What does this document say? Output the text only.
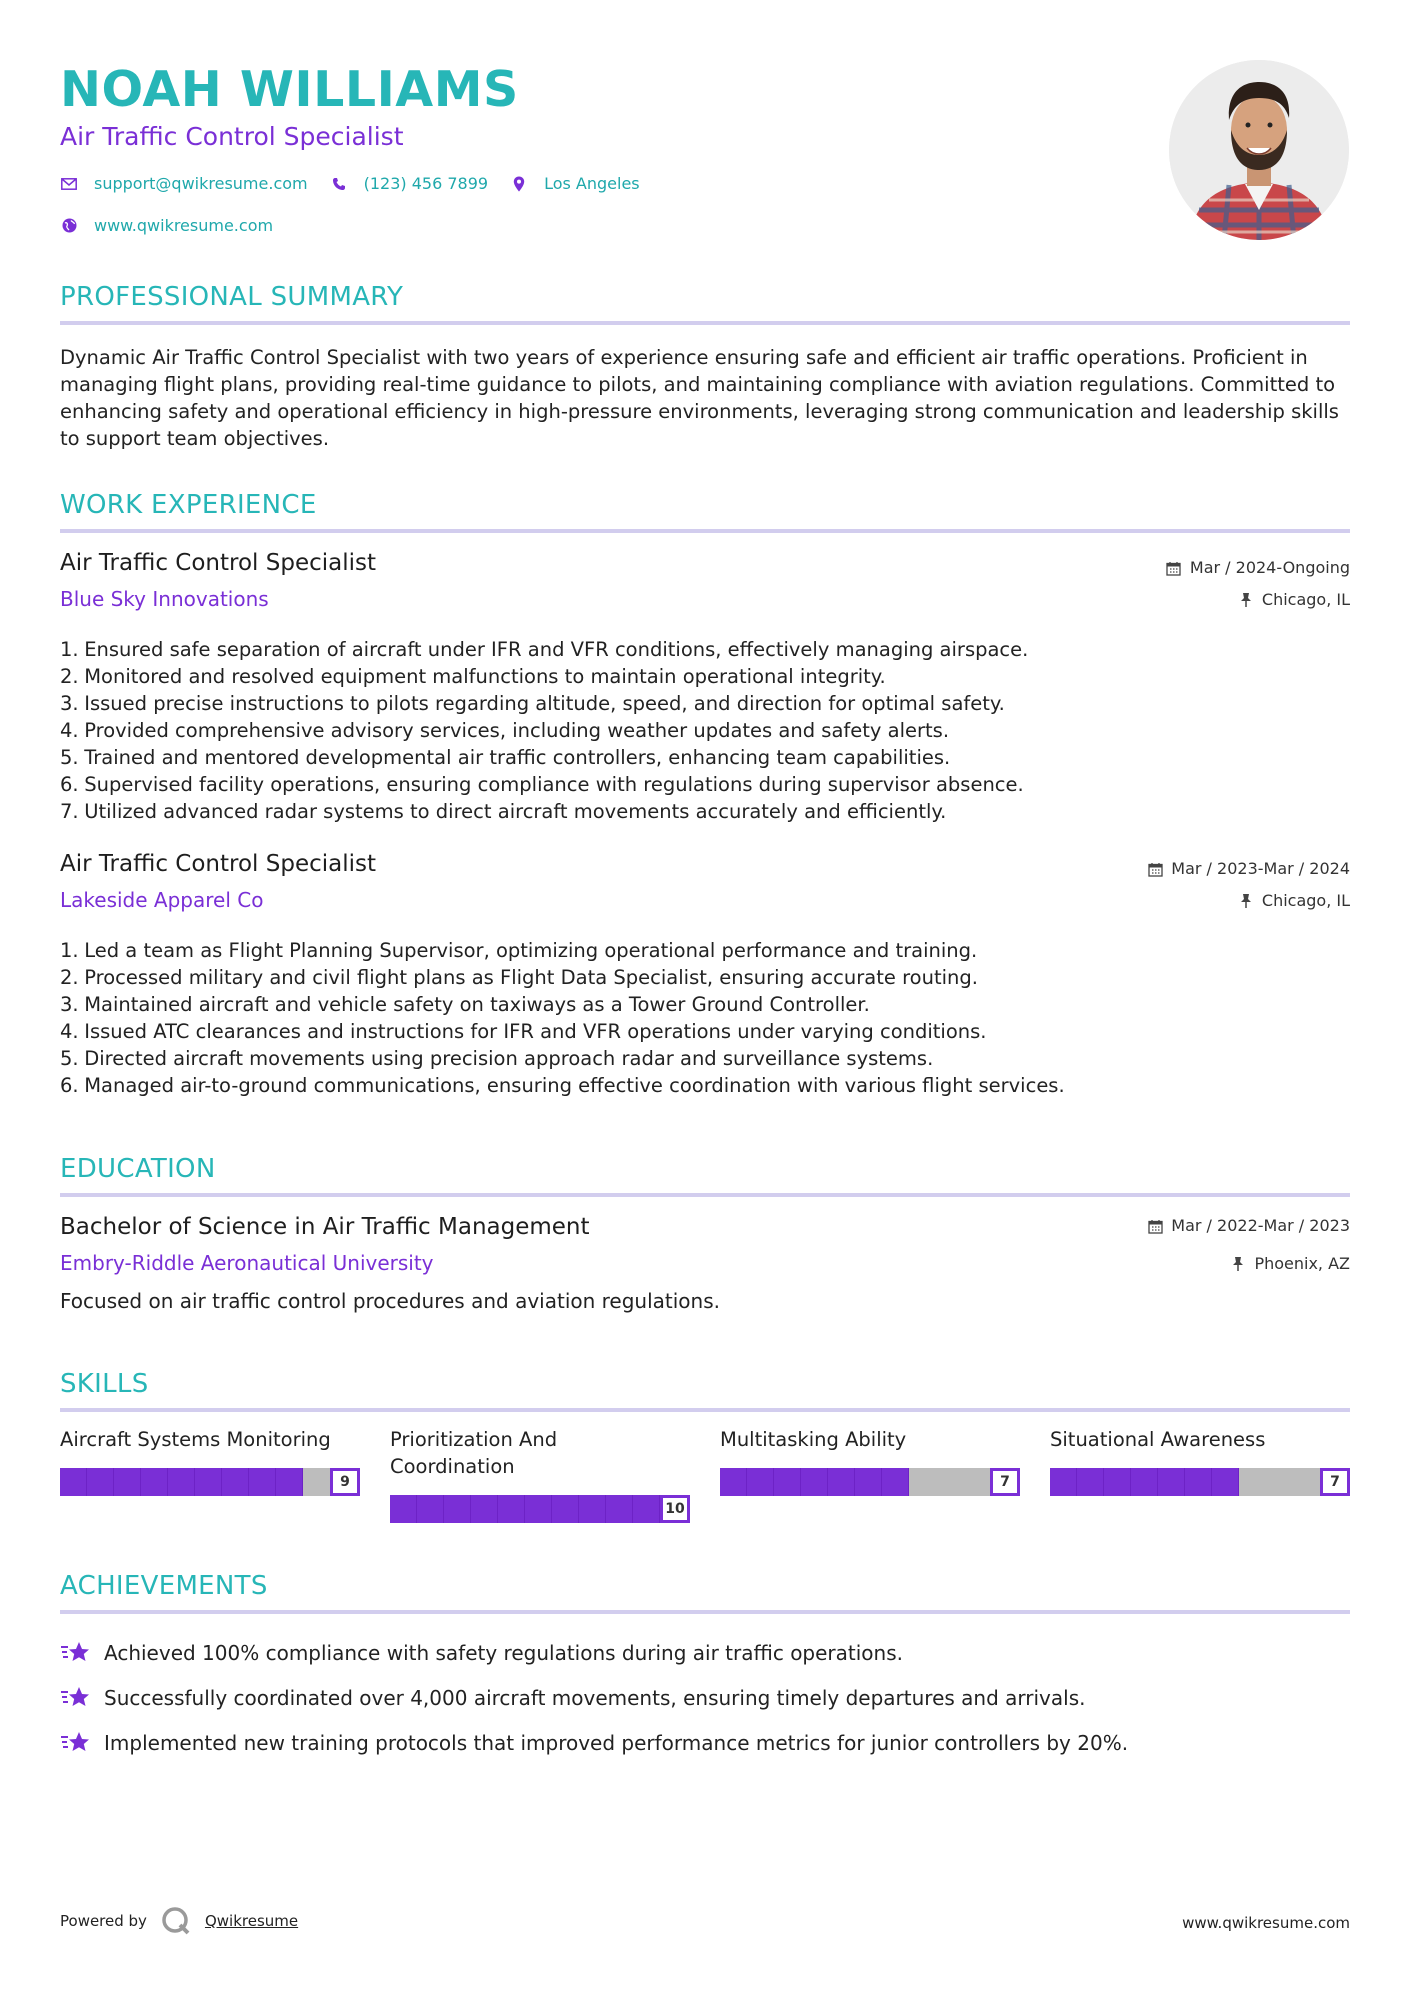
NOAH WILLIAMS
Air Traffic Control Specialist
support@qwikresume.com	(123) 456 7899	Los Angeles
www.qwikresume.com
PROFESSIONAL SUMMARY
Dynamic Air Traffic Control Specialist with two years of experience ensuring safe and efficient air traffic operations. Proficient in managing flight plans, providing real-time guidance to pilots, and maintaining compliance with aviation regulations. Committed to enhancing safety and operational efficiency in high-pressure environments, leveraging strong communication and leadership skills to support team objectives.
WORK EXPERIENCE
Air Traffic Control Specialist
Blue Sky Innovations
Mar / 2024-Ongoing
Chicago, IL
1.
Ensured safe separation of aircraft under IFR and VFR conditions, effectively managing airspace.
2.
Monitored and resolved equipment malfunctions to maintain operational integrity.
3.
Issued precise instructions to pilots regarding altitude, speed, and direction for optimal safety.
4.
Provided comprehensive advisory services, including weather updates and safety alerts.
5.
Trained and mentored developmental air traffic controllers, enhancing team capabilities.
6.
Supervised facility operations, ensuring compliance with regulations during supervisor absence.
7.
Utilized advanced radar systems to direct aircraft movements accurately and efficiently.
Air Traffic Control Specialist
Lakeside Apparel Co
Mar / 2023-Mar / 2024
Chicago, IL
1.
Led a team as Flight Planning Supervisor, optimizing operational performance and training.
2.
Processed military and civil flight plans as Flight Data Specialist, ensuring accurate routing.
3.
Maintained aircraft and vehicle safety on taxiways as a Tower Ground Controller.
4.
Issued ATC clearances and instructions for IFR and VFR operations under varying conditions.
5.
Directed aircraft movements using precision approach radar and surveillance systems.
6.
Managed air-to-ground communications, ensuring effective coordination with various flight services.
EDUCATION
Bachelor of Science in Air Traffic Management
Embry-Riddle Aeronautical University
Mar / 2022-Mar / 2023
Phoenix, AZ
Focused on air traffic control procedures and aviation regulations.
SKILLS
Aircraft Systems Monitoring
9
Prioritization And Coordination
10
Multitasking Ability
7
Situational Awareness
7
ACHIEVEMENTS
Achieved 100% compliance with safety regulations during air traffic operations.
Successfully coordinated over 4,000 aircraft movements, ensuring timely departures and arrivals.
Implemented new training protocols that improved performance metrics for junior controllers by 20%.
Powered by	Qwikresume	www.qwikresume.com
